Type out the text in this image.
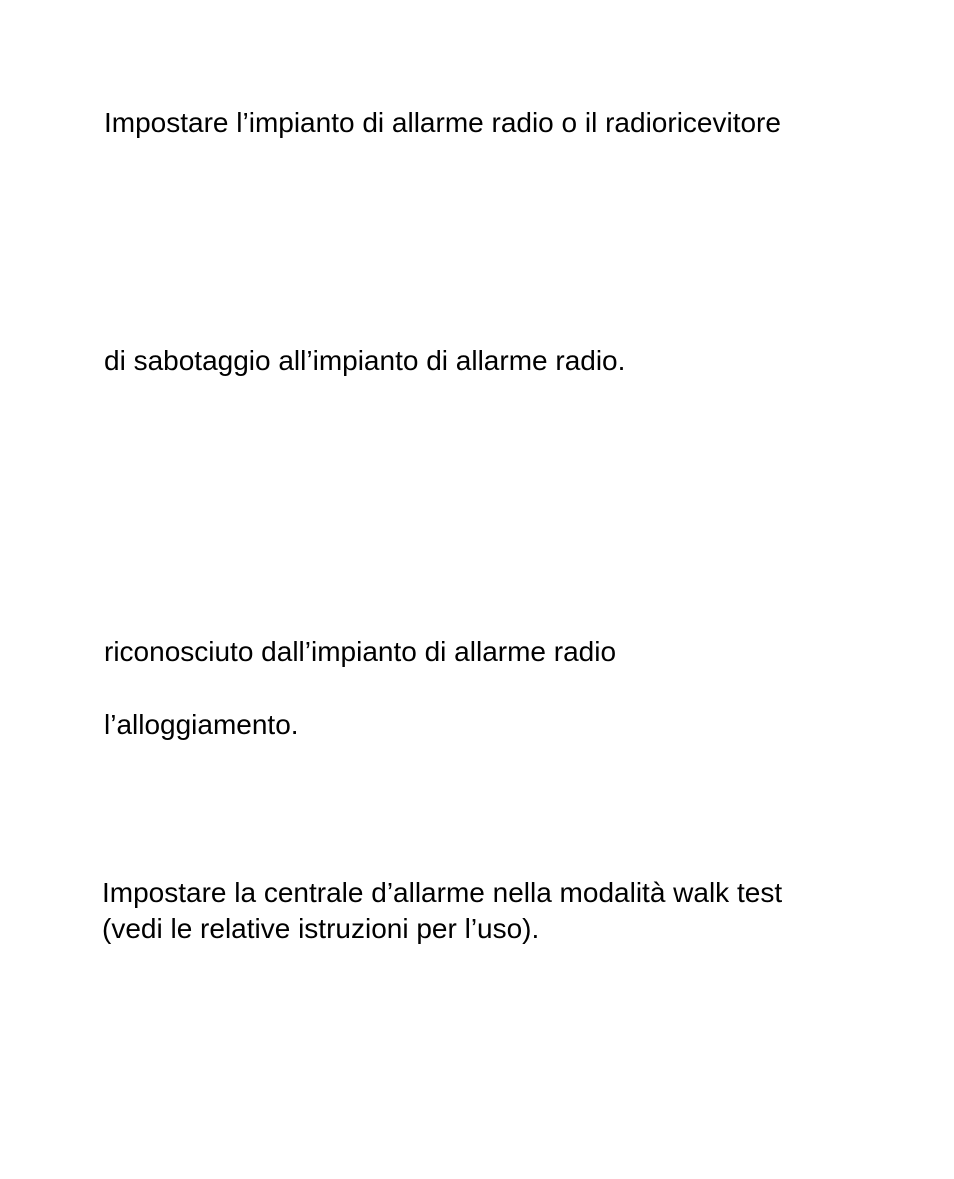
Impostare l’impianto di allarme radio o il radioricevitore

di sabotaggio all’impianto di allarme radio.

riconosciuto dall’impianto di allarme radio

l’alloggiamento.

Impostare la centrale d’allarme nella modalità walk test

(vedi le relative istruzioni per l’uso).
